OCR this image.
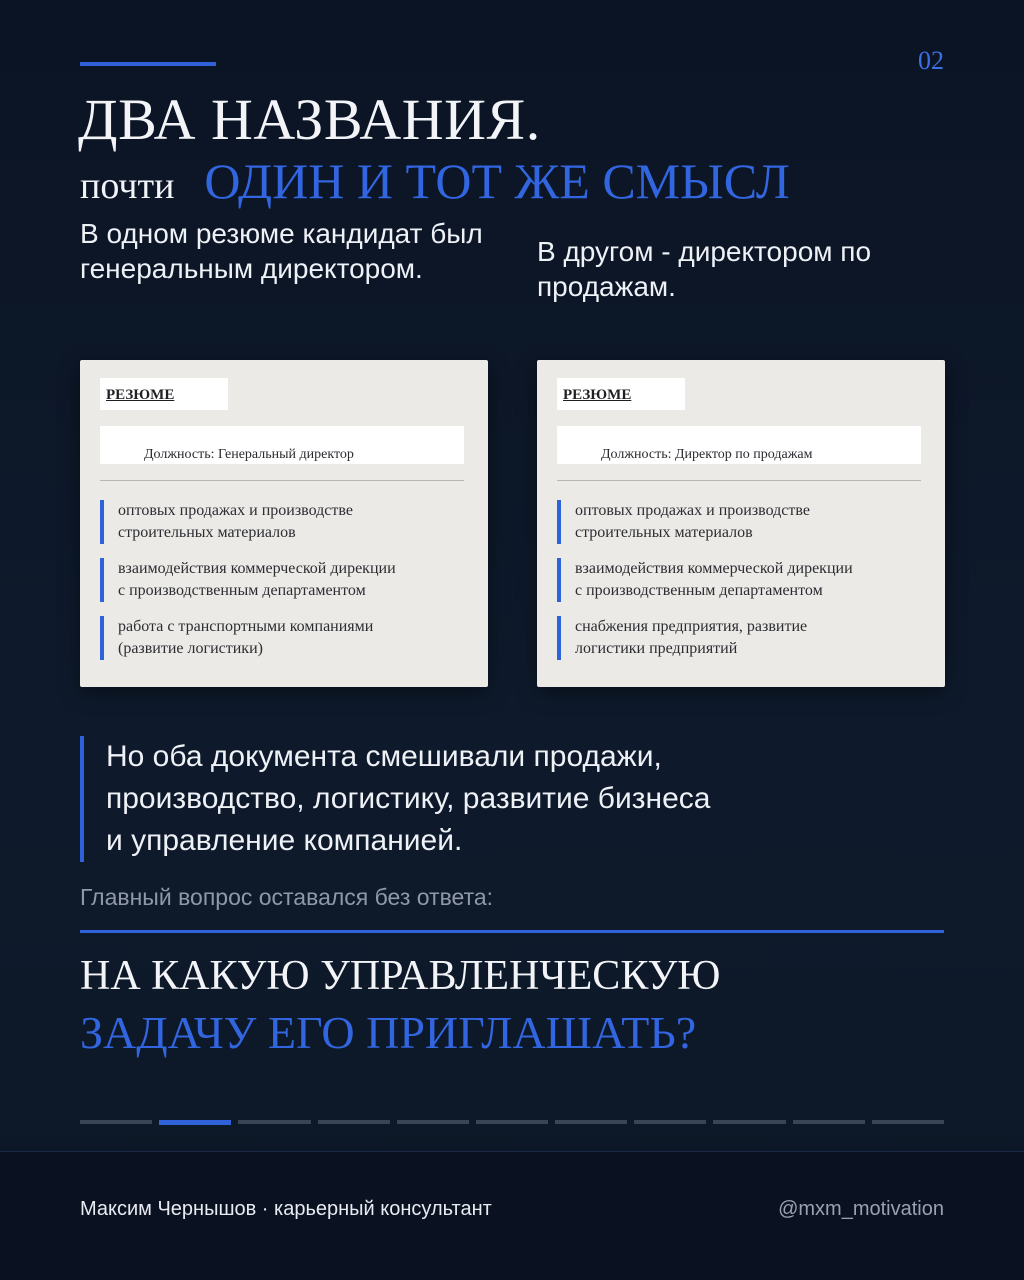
02
ДВА НАЗВАНИЯ.
почти ОДИН И ТОТ ЖЕ СМЫСЛ
В одном резюме кандидат был генеральным директором.
В другом - директором по продажам.
РЕЗЮМЕ
Должность: Генеральный директор
оптовых продажах и производстве
строительных материалов
взаимодействия коммерческой дирекции
с производственным департаментом
работа с транспортными компаниями
(развитие логистики)
РЕЗЮМЕ
Должность: Директор по продажам
оптовых продажах и производстве
строительных материалов
взаимодействия коммерческой дирекции
с производственным департаментом
снабжения предприятия, развитие
логистики предприятий
Но оба документа смешивали продажи,
производство, логистику, развитие бизнеса
и управление компанией.
Главный вопрос оставался без ответа:
НА КАКУЮ УПРАВЛЕНЧЕСКУЮ
ЗАДАЧУ ЕГО ПРИГЛАШАТЬ?
Максим Чернышов · карьерный консультант	@mxm_motivation
